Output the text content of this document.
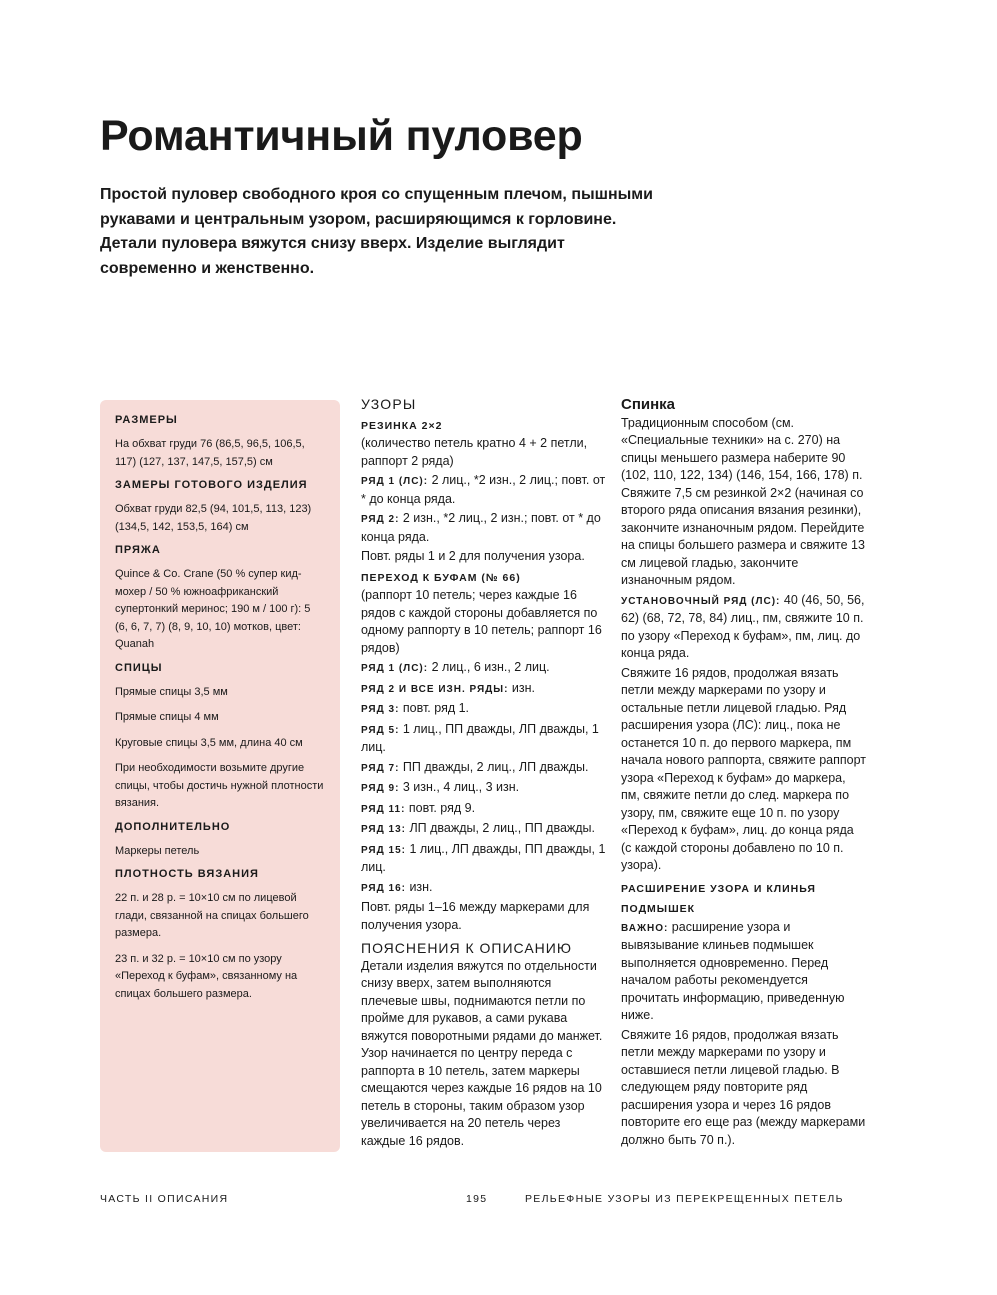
Романтичный пуловер
Простой пуловер свободного кроя со спущенным плечом, пышными рукавами и центральным узором, расширяющимся к горловине. Детали пуловера вяжутся снизу вверх. Изделие выглядит современно и женственно.
РАЗМЕРЫ
На обхват груди 76 (86,5, 96,5, 106,5, 117) (127, 137, 147,5, 157,5) см
ЗАМЕРЫ ГОТОВОГО ИЗДЕЛИЯ
Обхват груди 82,5 (94, 101,5, 113, 123) (134,5, 142, 153,5, 164) см
ПРЯЖА
Quince & Co. Crane (50 % супер кид-мохер / 50 % южноафриканский супертонкий меринос; 190 м / 100 г): 5 (6, 6, 7, 7) (8, 9, 10, 10) мотков, цвет: Quanah
СПИЦЫ
Прямые спицы 3,5 мм
Прямые спицы 4 мм
Круговые спицы 3,5 мм, длина 40 см
При необходимости возьмите другие спицы, чтобы достичь нужной плотности вязания.
ДОПОЛНИТЕЛЬНО
Маркеры петель
ПЛОТНОСТЬ ВЯЗАНИЯ
22 п. и 28 р. = 10×10 см по лицевой глади, связанной на спицах большего размера.
23 п. и 32 р. = 10×10 см по узору «Переход к буфам», связанному на спицах большего размера.
УЗОРЫ
РЕЗИНКА 2×2
(количество петель кратно 4 + 2 петли, раппорт 2 ряда)
РЯД 1 (ЛС): 2 лиц., *2 изн., 2 лиц.; повт. от * до конца ряда.
РЯД 2: 2 изн., *2 лиц., 2 изн.; повт. от * до конца ряда.
Повт. ряды 1 и 2 для получения узора.
ПЕРЕХОД К БУФАМ (№ 66)
(раппорт 10 петель; через каждые 16 рядов с каждой стороны добавляется по одному раппорту в 10 петель; раппорт 16 рядов)
РЯД 1 (ЛС): 2 лиц., 6 изн., 2 лиц.
РЯД 2 И ВСЕ ИЗН. РЯДЫ: изн.
РЯД 3: повт. ряд 1.
РЯД 5: 1 лиц., ПП дважды, ЛП дважды, 1 лиц.
РЯД 7: ПП дважды, 2 лиц., ЛП дважды.
РЯД 9: 3 изн., 4 лиц., 3 изн.
РЯД 11: повт. ряд 9.
РЯД 13: ЛП дважды, 2 лиц., ПП дважды.
РЯД 15: 1 лиц., ЛП дважды, ПП дважды, 1 лиц.
РЯД 16: изн.
Повт. ряды 1–16 между маркерами для получения узора.
ПОЯСНЕНИЯ К ОПИСАНИЮ
Детали изделия вяжутся по отдельности снизу вверх, затем выполняются плечевые швы, поднимаются петли по пройме для рукавов, а сами рукава вяжутся поворотными рядами до манжет. Узор начинается по центру переда с раппорта в 10 петель, затем маркеры смещаются через каждые 16 рядов на 10 петель в стороны, таким образом узор увеличивается на 20 петель через каждые 16 рядов.
Спинка
Традиционным способом (см. «Специальные техники» на с. 270) на спицы меньшего размера наберите 90 (102, 110, 122, 134) (146, 154, 166, 178) п. Свяжите 7,5 см резинкой 2×2 (начиная со второго ряда описания вязания резинки), закончите изнаночным рядом. Перейдите на спицы большего размера и свяжите 13 см лицевой гладью, закончите изнаночным рядом.
УСТАНОВОЧНЫЙ РЯД (ЛС): 40 (46, 50, 56, 62) (68, 72, 78, 84) лиц., пм, свяжите 10 п. по узору «Переход к буфам», пм, лиц. до конца ряда.
Свяжите 16 рядов, продолжая вязать петли между маркерами по узору и остальные петли лицевой гладью. Ряд расширения узора (ЛС): лиц., пока не останется 10 п. до первого маркера, пм начала нового раппорта, свяжите раппорт узора «Переход к буфам» до маркера, пм, свяжите петли до след. маркера по узору, пм, свяжите еще 10 п. по узору «Переход к буфам», лиц. до конца ряда (с каждой стороны добавлено по 10 п. узора).
РАСШИРЕНИЕ УЗОРА И КЛИНЬЯ ПОДМЫШЕК
ВАЖНО: расширение узора и вывязывание клиньев подмышек выполняется одновременно. Перед началом работы рекомендуется прочитать информацию, приведенную ниже.
Свяжите 16 рядов, продолжая вязать петли между маркерами по узору и оставшиеся петли лицевой гладью. В следующем ряду повторите ряд расширения узора и через 16 рядов повторите его еще раз (между маркерами должно быть 70 п.).
ЧАСТЬ II ОПИСАНИЯ	195	РЕЛЬЕФНЫЕ УЗОРЫ ИЗ ПЕРЕКРЕЩЕННЫХ ПЕТЕЛЬ
